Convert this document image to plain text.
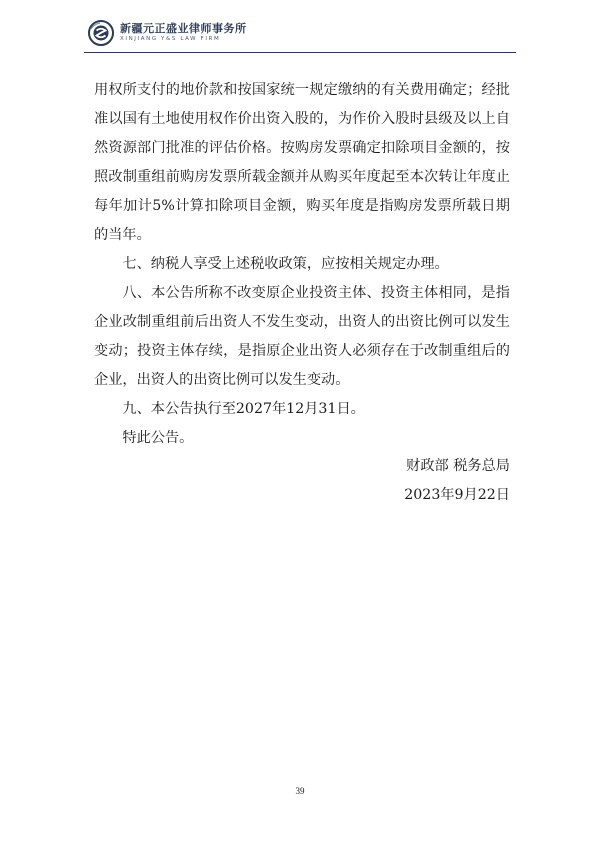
新疆元正盛业律师事务所
XINJIANG Y&S LAW FIRM

用权所支付的地价款和按国家统一规定缴纳的有关费用确定；经批准以国有土地使用权作价出资入股的，为作价入股时县级及以上自然资源部门批准的评估价格。按购房发票确定扣除项目金额的，按照改制重组前购房发票所载金额并从购买年度起至本次转让年度止每年加计5%计算扣除项目金额，购买年度是指购房发票所载日期的当年。

七、纳税人享受上述税收政策，应按相关规定办理。

八、本公告所称不改变原企业投资主体、投资主体相同，是指企业改制重组前后出资人不发生变动，出资人的出资比例可以发生变动；投资主体存续，是指原企业出资人必须存在于改制重组后的企业，出资人的出资比例可以发生变动。

九、本公告执行至2027年12月31日。

特此公告。

财政部 税务总局
2023年9月22日
39
